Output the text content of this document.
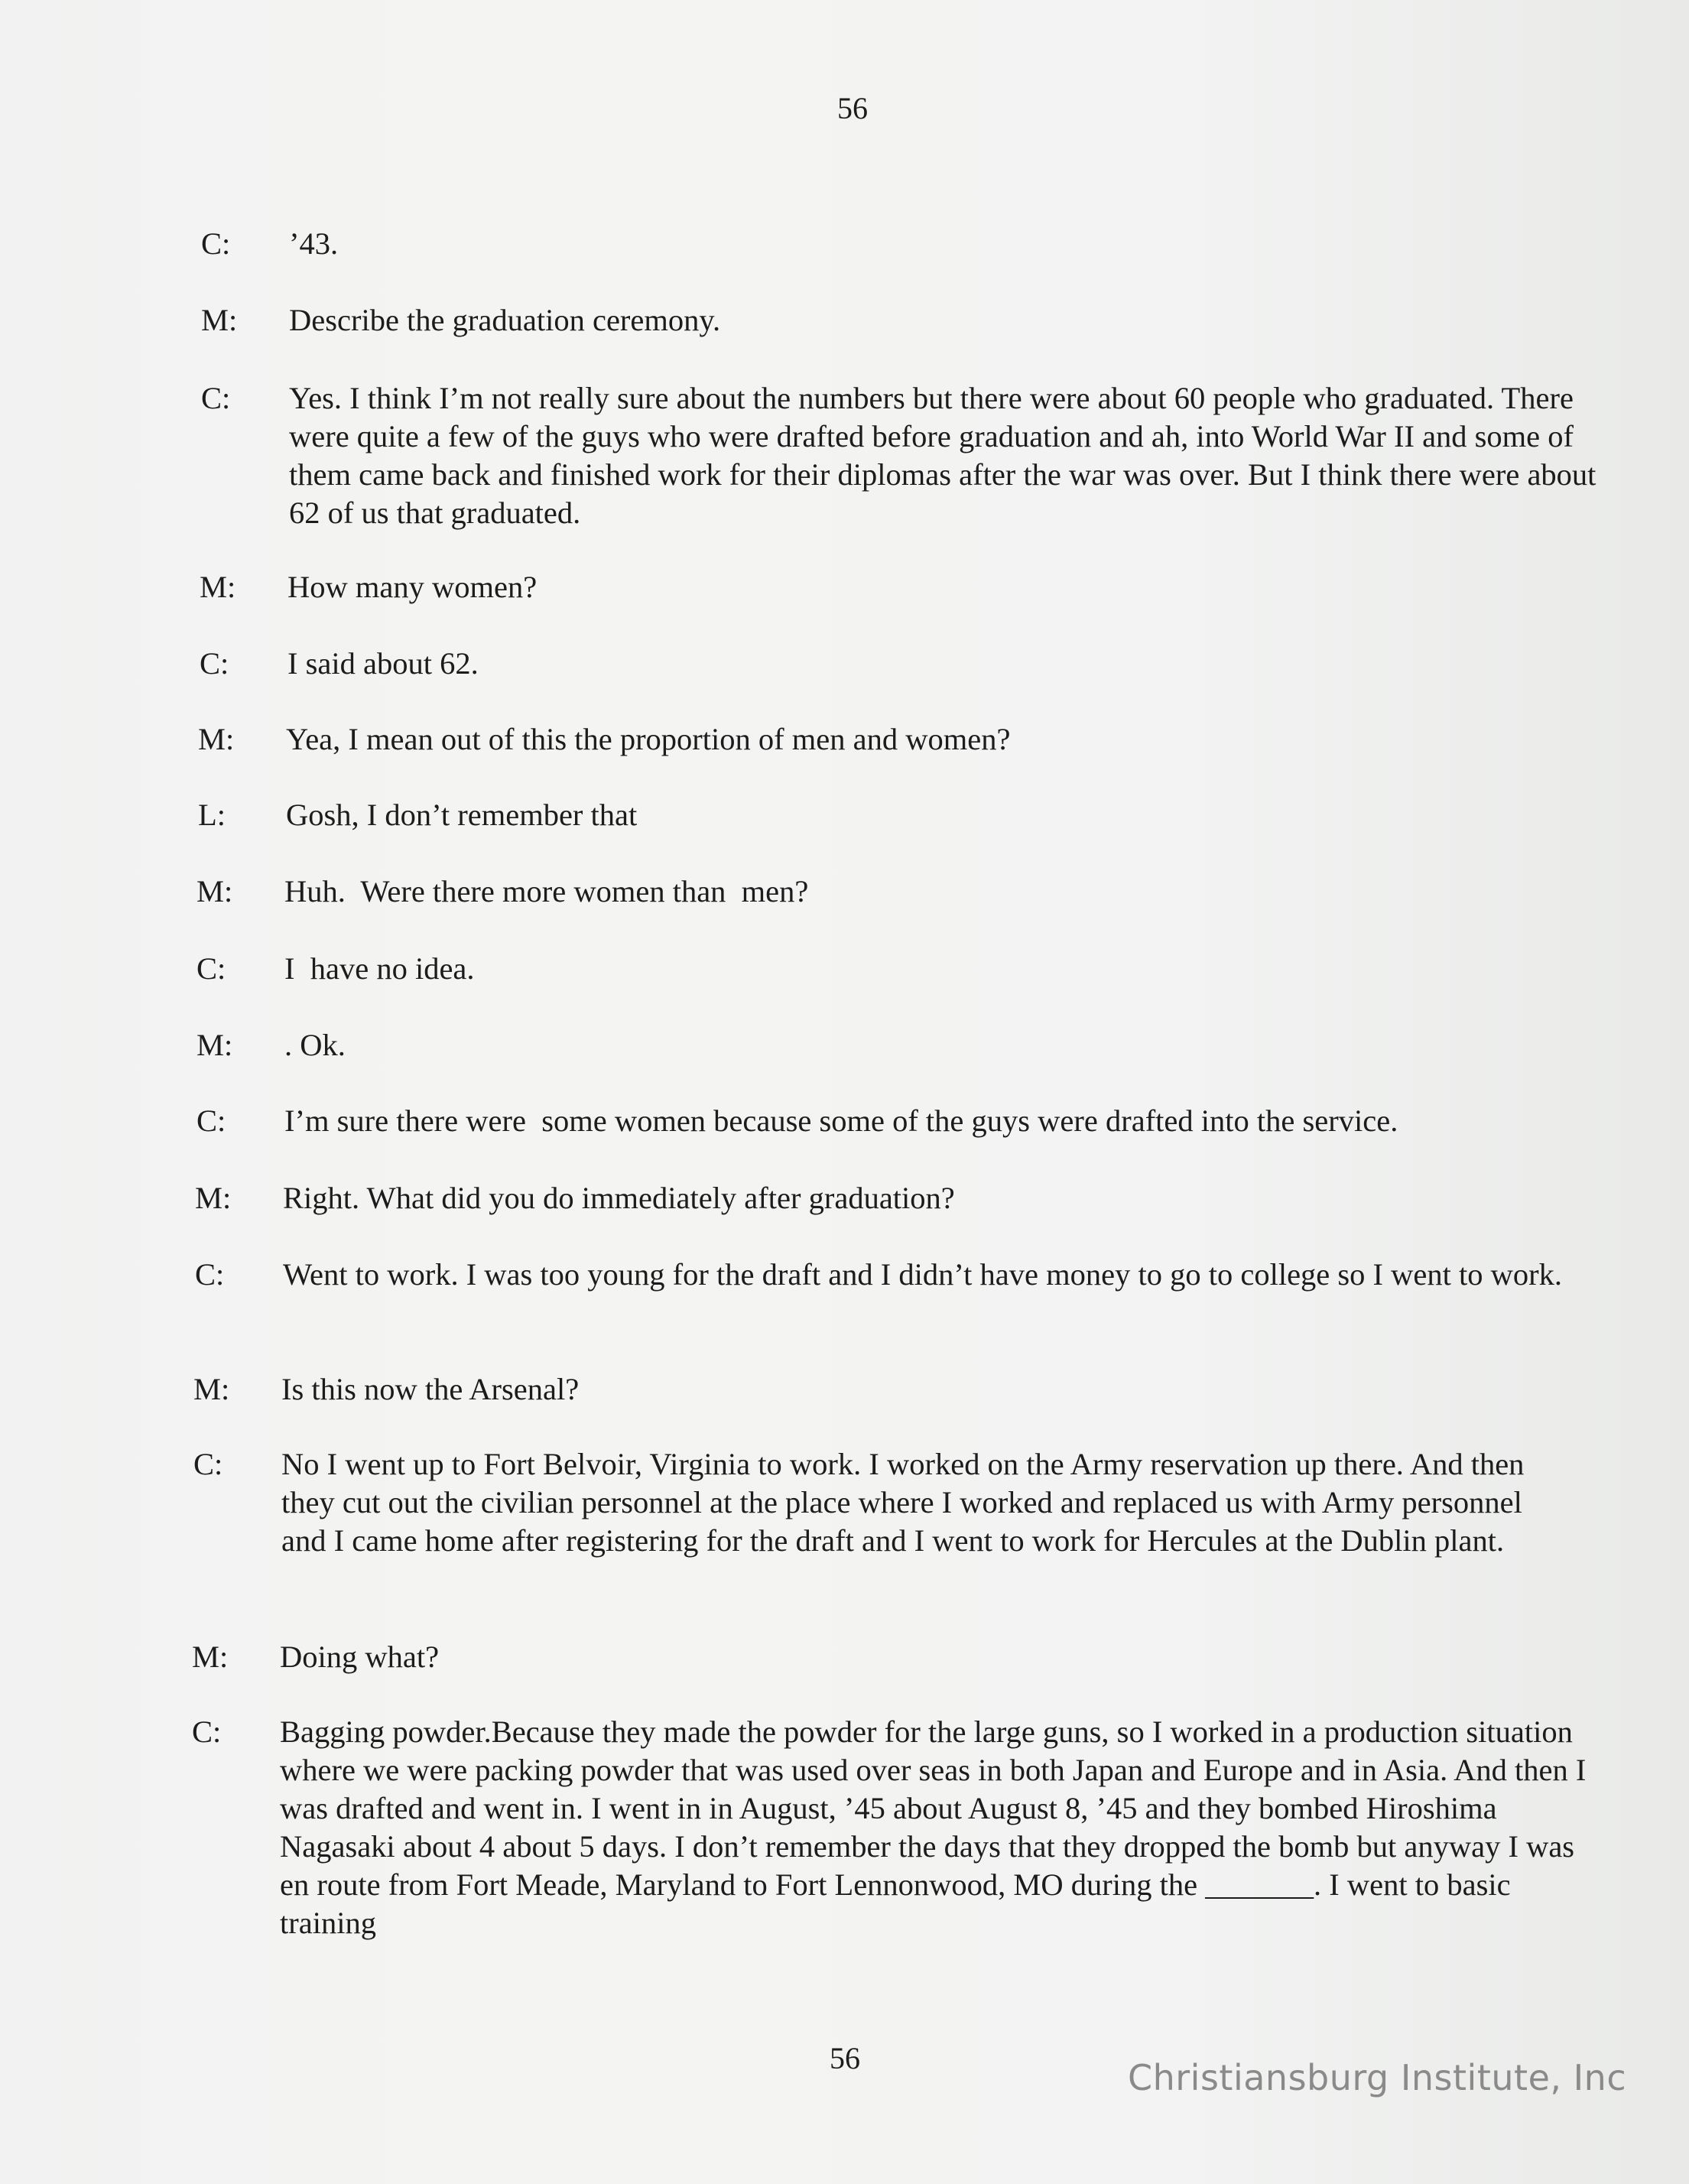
56
C:	’43.
M:	Describe the graduation ceremony.
C:	Yes. I think I’m not really sure about the numbers but there were about 60 people who graduated. There were quite a few of the guys who were drafted before graduation and ah, into World War II and some of them came back and finished work for their diplomas after the war was over. But I think there were about 62 of us that graduated.
M:	How many women?
C:	I said about 62.
M:	Yea, I mean out of this the proportion of men and women?
L:	Gosh, I don’t remember that
M:	Huh.  Were there more women than  men?
C:	I  have no idea.
M:	. Ok.
C:	I’m sure there were  some women because some of the guys were drafted into the service.
M:	Right. What did you do immediately after graduation?
C:	Went to work. I was too young for the draft and I didn’t have money to go to college so I went to work.
M:	Is this now the Arsenal?
C:	No I went up to Fort Belvoir, Virginia to work. I worked on the Army reservation up there. And then they cut out the civilian personnel at the place where I worked and replaced us with Army personnel and I came home after registering for the draft and I went to work for Hercules at the Dublin plant.
M:	Doing what?
C:	Bagging powder.Because they made the powder for the large guns, so I worked in a production situation where we were packing powder that was used over seas in both Japan and Europe and in Asia. And then I was drafted and went in. I went in in August, ’45 about August 8, ’45 and they bombed Hiroshima Nagasaki about 4 about 5 days. I don’t remember the days that they dropped the bomb but anyway I was en route from Fort Meade, Maryland to Fort Lennonwood, MO during the _______. I went to basic training
56	Christiansburg Institute, Inc
